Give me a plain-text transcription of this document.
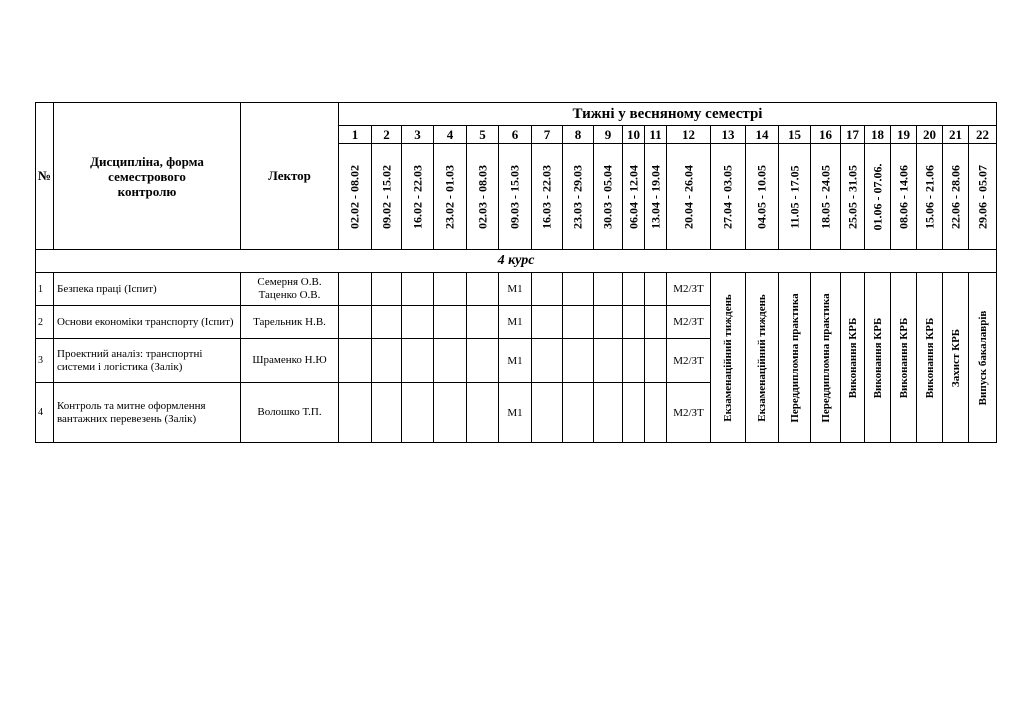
№	Дисципліна, форма
семестрового
контролю	Лектор	Тижні у весняному семестрі																					
			1	2	3	4	5	6	7	8	9	10	11	12	13	14	15	16	17	18	19	20	21	22

			02.02 - 08.02	09.02 - 15.02	16.02 - 22.03	23.02 - 01.03	02.03 - 08.03	09.03 - 15.03	16.03 - 22.03	23.03 - 29.03	30.03 - 05.04	06.04 - 12.04	13.04 - 19.04	20.04 - 26.04	27.04 - 03.05	04.05 - 10.05	11.05 - 17.05	18.05 - 24.05	25.05 - 31.05	01.06 - 07.06.	08.06 - 14.06	15.06 - 21.06	22.06 - 28.06	29.06 - 05.07

4 курс																								
1	Безпека праці (Іспит)	Семерня О.В. Таценко О.В.						М1						М2/ЗТ	Екзаменаційний тиждень	Екзаменаційний тиждень	Переддипломна практика	Переддипломна практика	Виконання КРБ	Виконання КРБ	Виконання КРБ	Виконання КРБ	Захист КРБ	Випуск бакалаврів

2	Основи економіки транспорту (Іспит)	Тарельник Н.В.						М1						М2/ЗТ										
3	Проектний аналіз: транспортні системи і логістика (Залік)	Шраменко Н.Ю						М1						М2/ЗТ										
4	Контроль та митне оформлення вантажних перевезень (Залік)	Волошко Т.П.						М1						М2/ЗТ										
